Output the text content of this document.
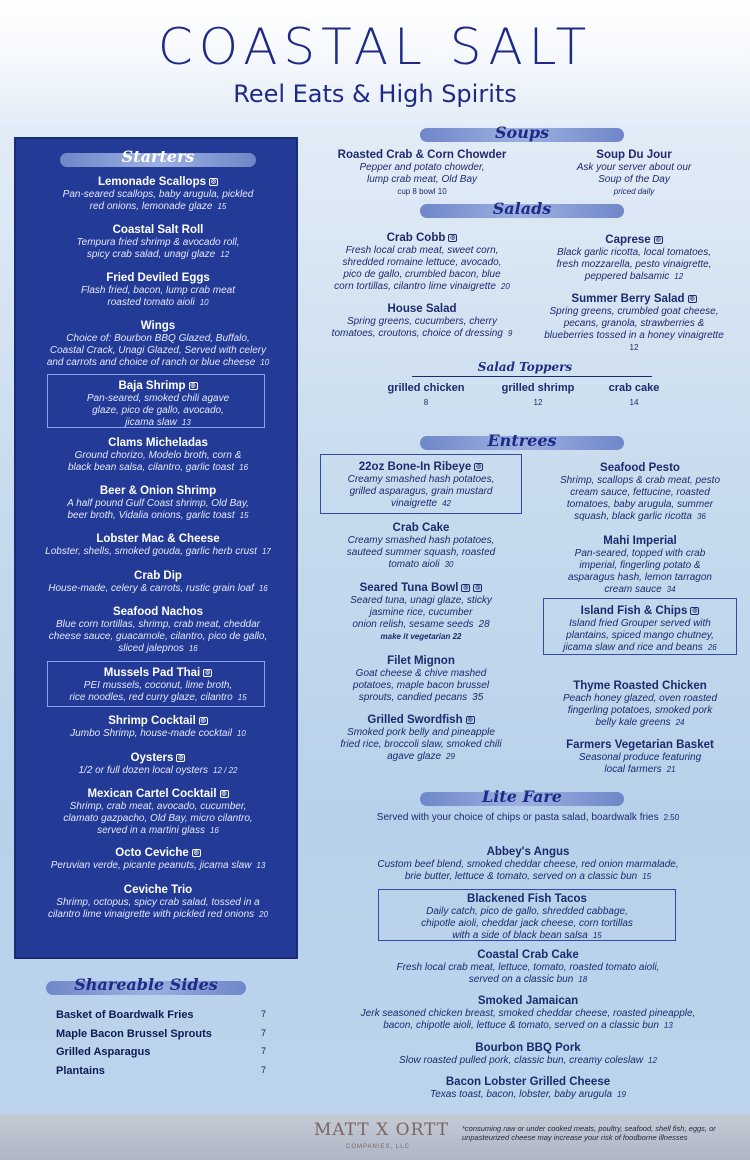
COASTAL SALT
Reel Eats & High Spirits
Starters
Lemonade Scallops ◎
Pan-seared scallops, baby arugula, pickled
red onions, lemonade glaze 15
Coastal Salt Roll
Tempura fried shrimp & avocado roll,
spicy crab salad, unagi glaze 12
Fried Deviled Eggs
Flash fried, bacon, lump crab meat
roasted tomato aioli 10
Wings
Choice of: Bourbon BBQ Glazed, Buffalo,
Coastal Crack, Unagi Glazed, Served with celery
and carrots and choice of ranch or blue cheese 10
Baja Shrimp ◎
Pan-seared, smoked chili agave
glaze, pico de gallo, avocado,
jicama slaw 13
Clams Micheladas
Ground chorizo, Modelo broth, corn &
black bean salsa, cilantro, garlic toast 16
Beer & Onion Shrimp
A half pound Gulf Coast shrimp, Old Bay,
beer broth, Vidalia onions, garlic toast 15
Lobster Mac & Cheese
Lobster, shells, smoked gouda, garlic herb crust 17
Crab Dip
House-made, celery & carrots, rustic grain loaf 16
Seafood Nachos
Blue corn tortillas, shrimp, crab meat, cheddar
cheese sauce, guacamole, cilantro, pico de gallo,
sliced jalepnos 16
Mussels Pad Thai ◎
PEI mussels, coconut, lime broth,
rice noodles, red curry glaze, cilantro 15
Shrimp Cocktail ◎
Jumbo Shrimp, house-made cocktail 10
Oysters ◎
1/2 or full dozen local oysters 12 / 22
Mexican Cartel Cocktail ◎
Shrimp, crab meat, avocado, cucumber,
clamato gazpacho, Old Bay, micro cilantro,
served in a martini glass 16
Octo Ceviche ◎
Peruvian verde, picante peanuts, jicama slaw 13
Ceviche Trio
Shrimp, octopus, spicy crab salad, tossed in a
cilantro lime vinaigrette with pickled red onions 20
Shareable Sides
Basket of Boardwalk Fries	7
Maple Bacon Brussel Sprouts	7
Grilled Asparagus	7
Plantains	7
Soups
Roasted Crab & Corn Chowder
Pepper and potato chowder,
lump crab meat, Old Bay
cup 8 bowl 10
Soup Du Jour
Ask your server about our
Soup of the Day
priced daily
Salads
Crab Cobb ◎
Fresh local crab meat, sweet corn,
shredded romaine lettuce, avocado,
pico de gallo, crumbled bacon, blue
corn tortillas, cilantro lime vinaigrette 20
Caprese ◎
Black garlic ricotta, local tomatoes,
fresh mozzarella, pesto vinaigrette,
peppered balsamic 12
House Salad
Spring greens, cucumbers, cherry
tomatoes, croutons, choice of dressing 9
Summer Berry Salad ◎
Spring greens, crumbled goat cheese,
pecans, granola, strawberries &
blueberries tossed in a honey vinaigrette
12
Salad Toppers
grilled chicken
8
grilled shrimp
12
crab cake
14
Entrees
22oz Bone-In Ribeye ◎
Creamy smashed hash potatoes,
grilled asparagus, grain mustard
vinaigrette 42
Seafood Pesto
Shrimp, scallops & crab meat, pesto
cream sauce, fettucine, roasted
tomatoes, baby arugula, summer
squash, black garlic ricotta 36
Crab Cake
Creamy smashed hash potatoes,
sauteed summer squash, roasted
tomato aioli 30
Mahi Imperial
Pan-seared, topped with crab
imperial, fingerling potato &
asparagus hash, lemon tarragon
cream sauce 34
Seared Tuna Bowl ◎ ◎
Seared tuna, unagi glaze, sticky
jasmine rice, cucumber
onion relish, sesame seeds 28
make it vegetarian 22
Island Fish & Chips ◎
Island fried Grouper served with
plantains, spiced mango chutney,
jicama slaw and rice and beans 26
Filet Mignon
Goat cheese & chive mashed
potatoes, maple bacon brussel
sprouts, candied pecans 35
Thyme Roasted Chicken
Peach honey glazed, oven roasted
fingerling potatoes, smoked pork
belly kale greens 24
Grilled Swordfish ◎
Smoked pork belly and pineapple
fried rice, broccoli slaw, smoked chili
agave glaze 29
Farmers Vegetarian Basket
Seasonal produce featuring
local farmers 21
Lite Fare
Served with your choice of chips or pasta salad, boardwalk fries 2.50
Abbey's Angus
Custom beef blend, smoked cheddar cheese, red onion marmalade,
brie butter, lettuce & tomato, served on a classic bun 15
Blackened Fish Tacos
Daily catch, pico de gallo, shredded cabbage,
chipotle aioli, cheddar jack cheese, corn tortillas
with a side of black bean salsa 15
Coastal Crab Cake
Fresh local crab meat, lettuce, tomato, roasted tomato aioli,
served on a classic bun 18
Smoked Jamaican
Jerk seasoned chicken breast, smoked cheddar cheese, roasted pineapple,
bacon, chipotle aioli, lettuce & tomato, served on a classic bun 13
Bourbon BBQ Pork
Slow roasted pulled pork, classic bun, creamy coleslaw 12
Bacon Lobster Grilled Cheese
Texas toast, bacon, lobster, baby arugula 19
MATT X ORTT
COMPANIES, LLC
*consuming raw or under cooked meats, poultry, seafood, shell fish, eggs, or unpasteurized cheese may increase your risk of foodborne illnesses
